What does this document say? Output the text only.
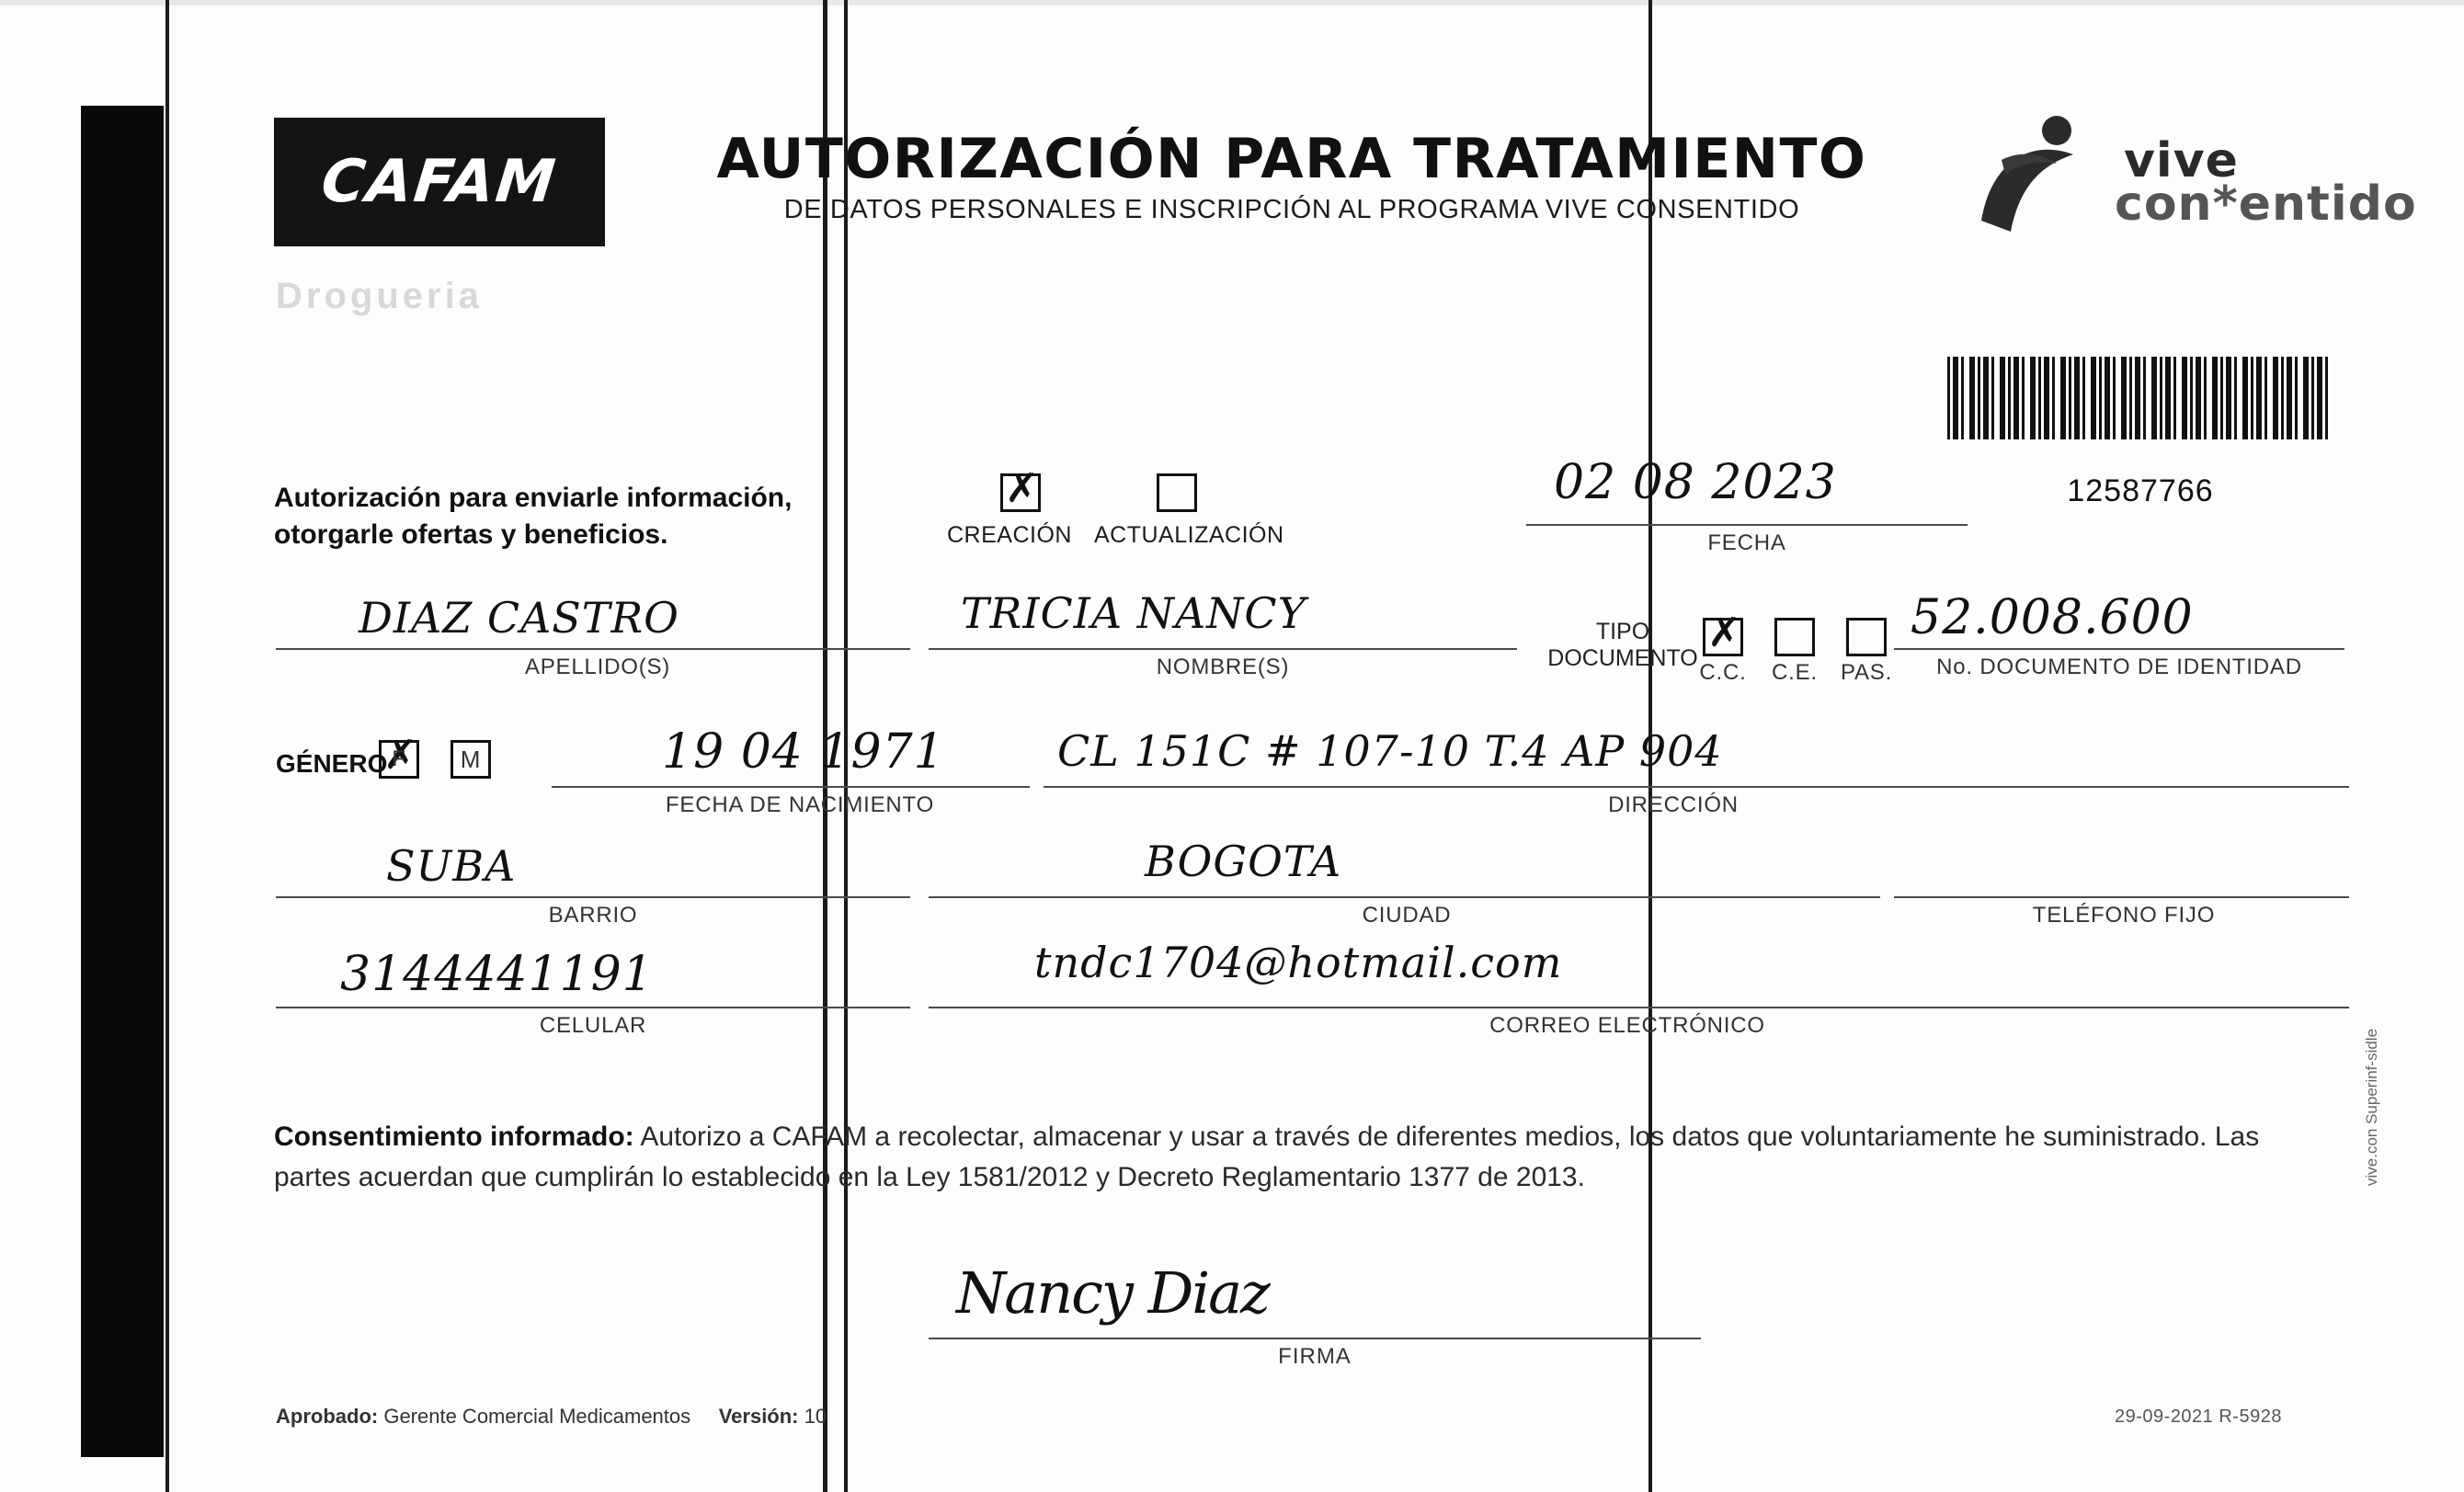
CAFAM
Drogueria
AUTORIZACIÓN PARA TRATAMIENTO
DE DATOS PERSONALES E INSCRIPCIÓN AL PROGRAMA VIVE CONSENTIDO
vive
con*entido
12587766
Autorización para enviarle información, otorgarle ofertas y beneficios.
✗	CREACIÓN ACTUALIZACIÓN
02 08 2023
FECHA
DIAZ CASTRO
APELLIDO(S)
TRICIA NANCY
NOMBRE(S)
TIPO DOCUMENTO
✗
C.C.	C.E.	PAS.
52.008.600
No. DOCUMENTO DE IDENTIDAD
GÉNERO ✗ F	M	19 04 1971
FECHA DE NACIMIENTO
CL 151C # 107-10 T.4 AP 904
DIRECCIÓN
SUBA
BARRIO
BOGOTA
CIUDAD	TELÉFONO FIJO
3144441191
CELULAR
tndc1704@hotmail.com
CORREO ELECTRÓNICO
Consentimiento informado: Autorizo a CAFAM a recolectar, almacenar y usar a través de diferentes medios, los datos que voluntariamente he suministrado. Las partes acuerdan que cumplirán lo establecido en la Ley 1581/2012 y Decreto Reglamentario 1377 de 2013.
Nancy Diaz
FIRMA
Aprobado: Gerente Comercial Medicamentos Versión: 10	29-09-2021 R-5928
vive.con Superinf-sidle
